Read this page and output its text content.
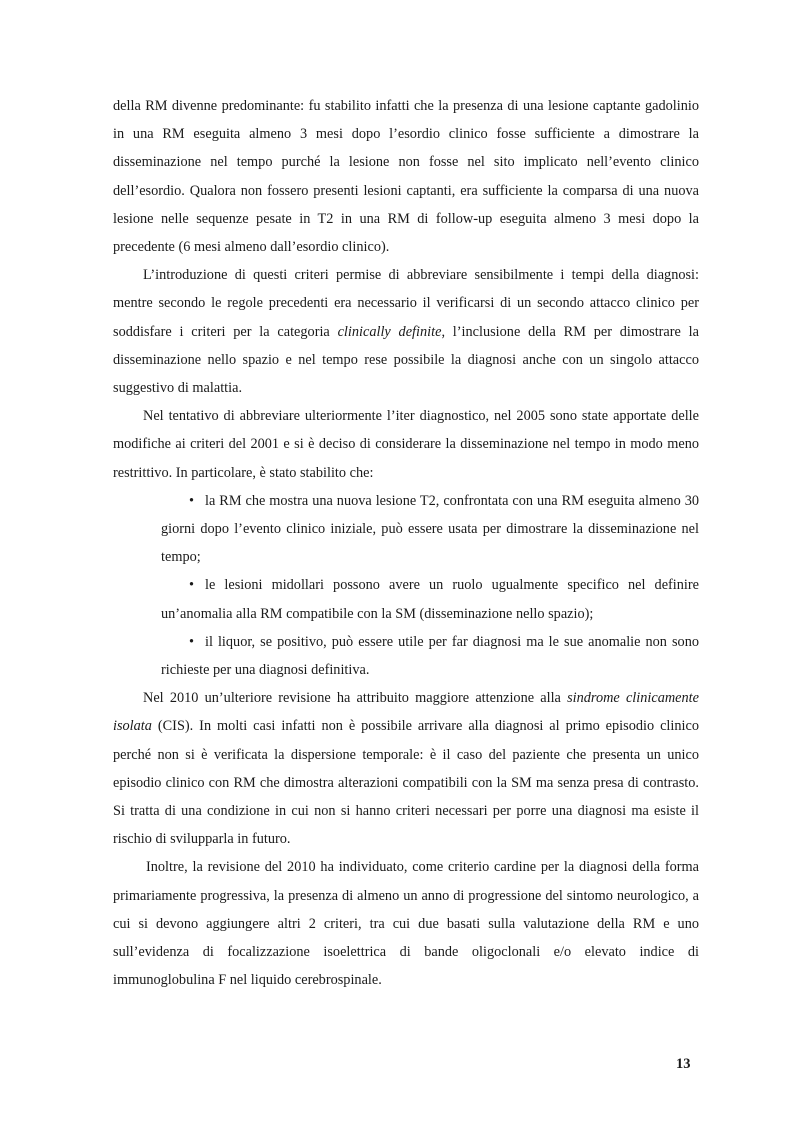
della RM divenne predominante: fu stabilito infatti che la presenza di una lesione captante gadolinio in una RM eseguita almeno 3 mesi dopo l’esordio clinico fosse sufficiente a dimostrare la disseminazione nel tempo purché la lesione non fosse nel sito implicato nell’evento clinico dell’esordio. Qualora non fossero presenti lesioni captanti, era sufficiente la comparsa di una nuova lesione nelle sequenze pesate in T2 in una RM di follow-up eseguita almeno 3 mesi dopo la precedente (6 mesi almeno dall’esordio clinico).

L’introduzione di questi criteri permise di abbreviare sensibilmente i tempi della diagnosi: mentre secondo le regole precedenti era necessario il verificarsi di un secondo attacco clinico per soddisfare i criteri per la categoria clinically definite, l’inclusione della RM per dimostrare la disseminazione nello spazio e nel tempo rese possibile la diagnosi anche con un singolo attacco suggestivo di malattia.

Nel tentativo di abbreviare ulteriormente l’iter diagnostico, nel 2005 sono state apportate delle modifiche ai criteri del 2001 e si è deciso di considerare la disseminazione nel tempo in modo meno restrittivo. In particolare, è stato stabilito che:

• la RM che mostra una nuova lesione T2, confrontata con una RM eseguita almeno 30 giorni dopo l’evento clinico iniziale, può essere usata per dimostrare la disseminazione nel tempo;
• le lesioni midollari possono avere un ruolo ugualmente specifico nel definire un’anomalia alla RM compatibile con la SM (disseminazione nello spazio);
• il liquor, se positivo, può essere utile per far diagnosi ma le sue anomalie non sono richieste per una diagnosi definitiva.

Nel 2010 un’ulteriore revisione ha attribuito maggiore attenzione alla sindrome clinicamente isolata (CIS). In molti casi infatti non è possibile arrivare alla diagnosi al primo episodio clinico perché non si è verificata la dispersione temporale: è il caso del paziente che presenta un unico episodio clinico con RM che dimostra alterazioni compatibili con la SM ma senza presa di contrasto. Si tratta di una condizione in cui non si hanno criteri necessari per porre una diagnosi ma esiste il rischio di svilupparla in futuro.

Inoltre, la revisione del 2010 ha individuato, come criterio cardine per la diagnosi della forma primariamente progressiva, la presenza di almeno un anno di progressione del sintomo neurologico, a cui si devono aggiungere altri 2 criteri, tra cui due basati sulla valutazione della RM e uno sull’evidenza di focalizzazione isoelettrica di bande oligoclonali e/o elevato indice di immunoglobulina F nel liquido cerebrospinale.

13
